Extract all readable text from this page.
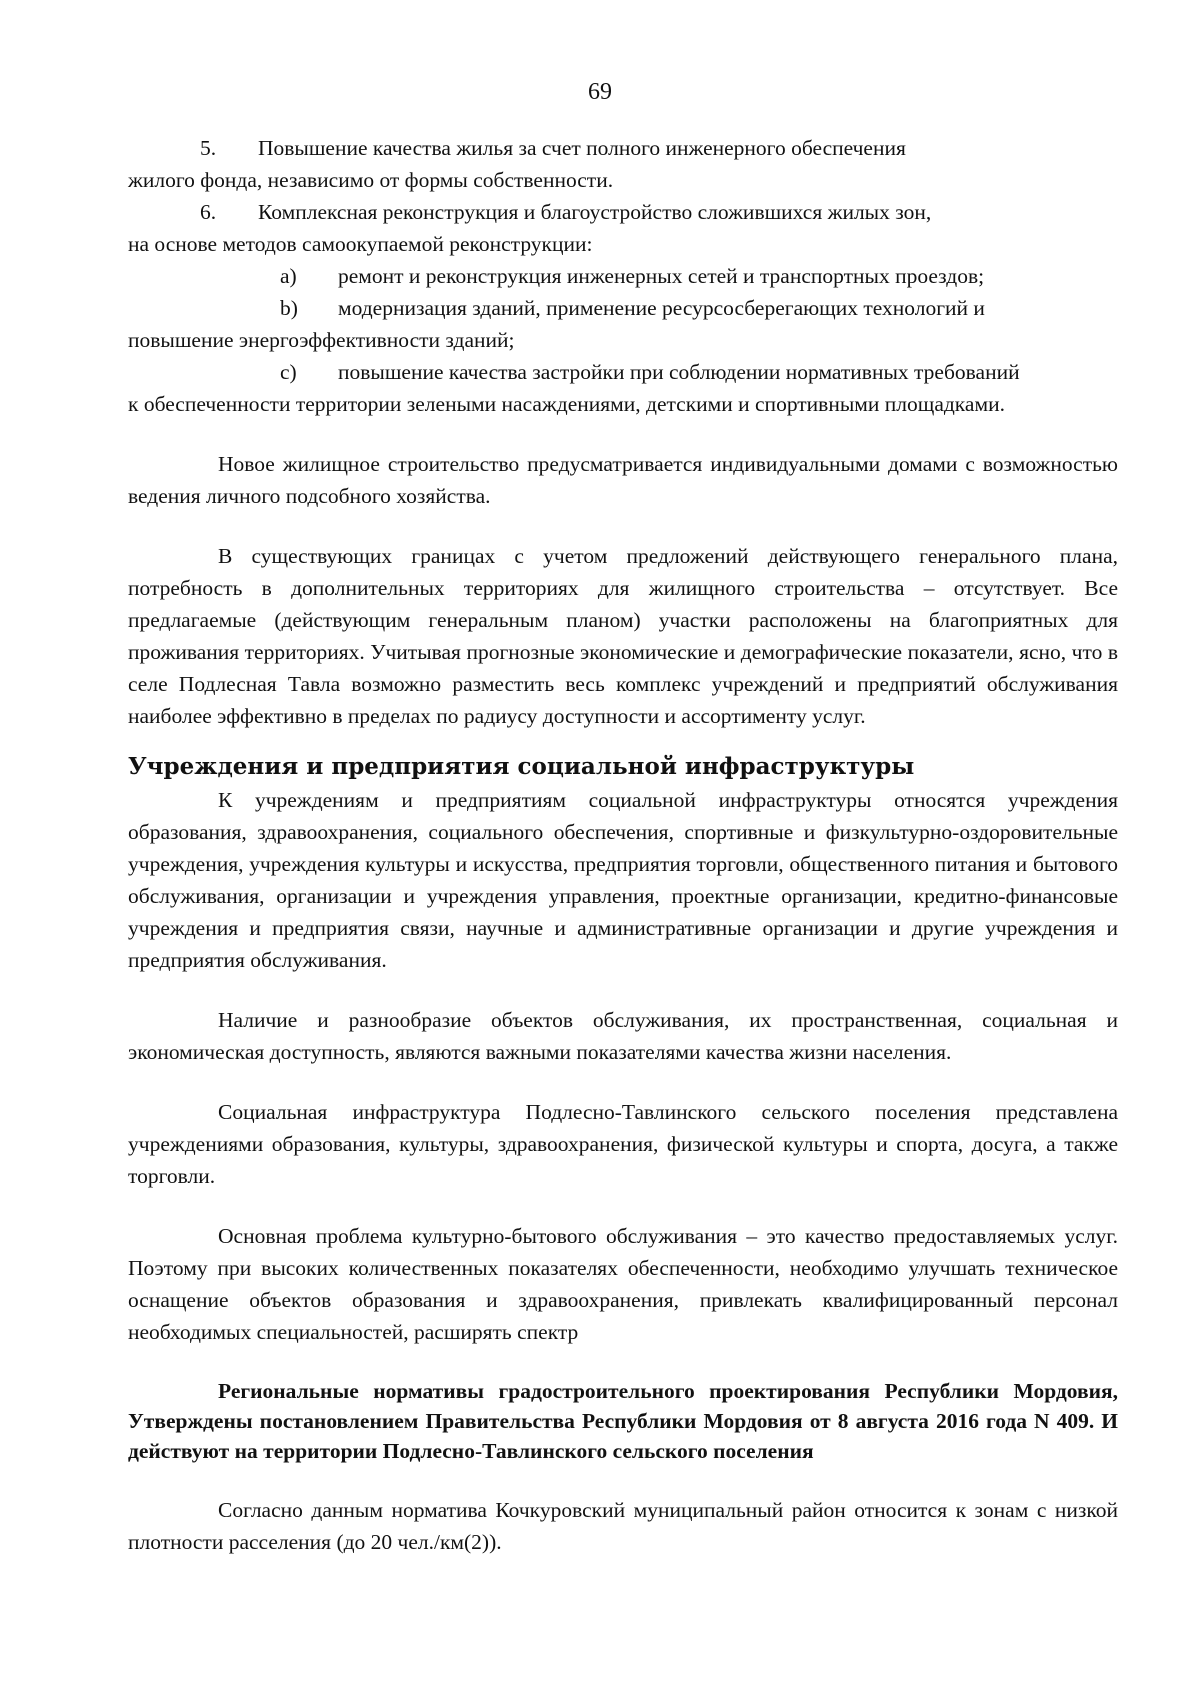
69
5. Повышение качества жилья за счет полного инженерного обеспечения
жилого фонда, независимо от формы собственности.
6. Комплексная реконструкция и благоустройство сложившихся жилых зон,
на основе методов самоокупаемой реконструкции:
a) ремонт и реконструкция инженерных сетей и транспортных проездов;
b) модернизация зданий, применение ресурсосберегающих технологий и
повышение энергоэффективности зданий;
c) повышение качества застройки при соблюдении нормативных требований
к обеспеченности территории зелеными насаждениями, детскими и спортивными площадками.

Новое жилищное строительство предусматривается индивидуальными домами с возможностью ведения личного подсобного хозяйства.

В существующих границах с учетом предложений действующего генерального плана, потребность в дополнительных территориях для жилищного строительства – отсутствует. Все предлагаемые (действующим генеральным планом) участки расположены на благоприятных для проживания территориях. Учитывая прогнозные экономические и демографические показатели, ясно, что в селе Подлесная Тавла возможно разместить весь комплекс учреждений и предприятий обслуживания наиболее эффективно в пределах по радиусу доступности и ассортименту услуг.

Учреждения и предприятия социальной инфраструктуры

К учреждениям и предприятиям социальной инфраструктуры относятся учреждения образования, здравоохранения, социального обеспечения, спортивные и физкультурно-оздоровительные учреждения, учреждения культуры и искусства, предприятия торговли, общественного питания и бытового обслуживания, организации и учреждения управления, проектные организации, кредитно-финансовые учреждения и предприятия связи, научные и административные организации и другие учреждения и предприятия обслуживания.

Наличие и разнообразие объектов обслуживания, их пространственная, социальная и экономическая доступность, являются важными показателями качества жизни населения.

Социальная инфраструктура Подлесно-Тавлинского сельского поселения представлена учреждениями образования, культуры, здравоохранения, физической культуры и спорта, досуга, а также торговли.

Основная проблема культурно-бытового обслуживания – это качество предоставляемых услуг. Поэтому при высоких количественных показателях обеспеченности, необходимо улучшать техническое оснащение объектов образования и здравоохранения, привлекать квалифицированный персонал необходимых специальностей, расширять спектр

Региональные нормативы градостроительного проектирования Республики Мордовия, Утверждены постановлением Правительства Республики Мордовия от 8 августа 2016 года N 409. И действуют на территории Подлесно-Тавлинского сельского поселения

Согласно данным норматива Кочкуровский муниципальный район относится к зонам с низкой плотности расселения (до 20 чел./км(2)).
